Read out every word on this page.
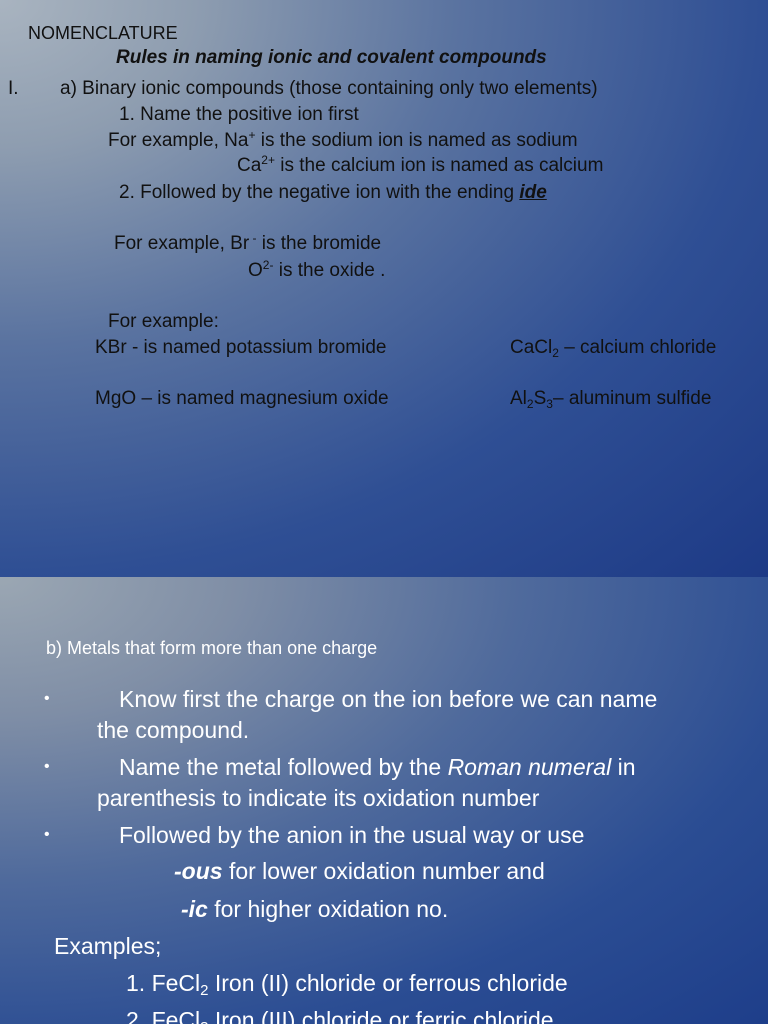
NOMENCLATURE
Rules in naming ionic and covalent compounds
I. a) Binary ionic compounds (those containing only two elements)
1. Name the positive ion first
For example, Na+ is the sodium ion is named as sodium
$Ca^{2+}$ is the calcium ion is named as calcium
2. Followed by the negative ion with the ending ide
For example, Br - is the bromide
$O^{2-}$ is the oxide .
For example:
KBr - is named potassium bromide	CaCl$_2$ – calcium chloride
MgO – is named magnesium oxide	$Al_2S_3-$ aluminum sulfide
b) Metals that form more than one charge
•	Know first the charge on the ion before we can name
the compound.
•	Name the metal followed by the Roman numeral in
parenthesis to indicate its oxidation number
•	Followed by the anion in the usual way or use
-ous for lower oxidation number and
-ic for higher oxidation no.
Examples;
1. FeCl$_2$ Iron (II) chloride or ferrous chloride
2. FeCl$_3$ Iron (III) chloride or ferric chloride
